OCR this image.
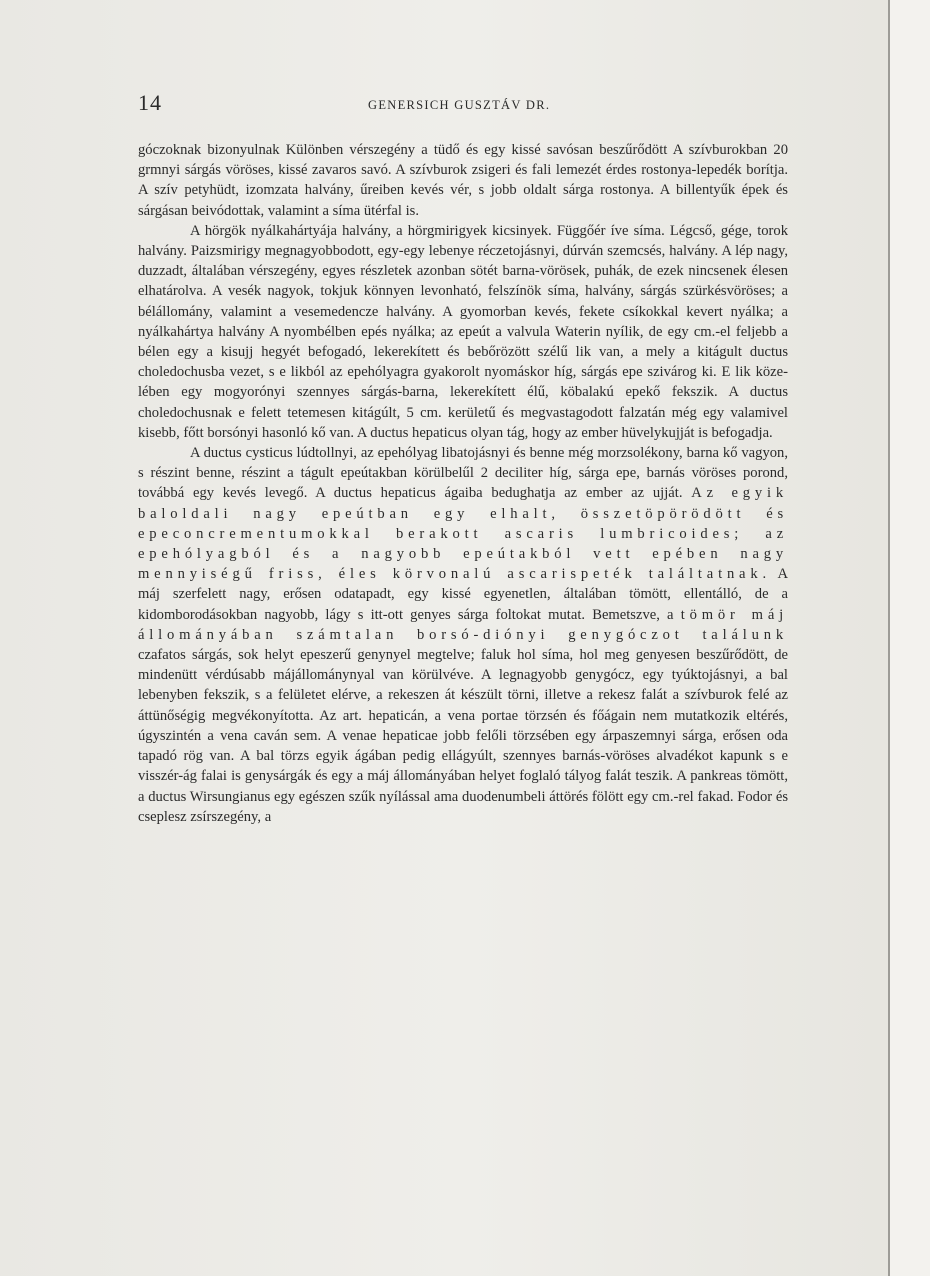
14	GENERSICH GUSZTÁV DR.

góczoknak bizonyulnak Különben vérszegény a tüdő és egy kissé savósan beszűrődött A szívburokban 20 grmnyi sárgás vöröses, kissé zavaros savó. A szívburok zsigeri és fali lemezét érdes rostonya-lepedék borítja. A szív petyhüdt, izomzata halvány, űreiben kevés vér, s jobb oldalt sárga rostonya. A billentyűk épek és sárgásan beivódottak, valamint a síma ütérfal is.

A hörgök nyálkahártyája halvány, a hörgmirigyek kicsinyek. Függőér íve síma. Légcső, gége, torok halvány. Paizsmirigy megnagyobbodott, egy-egy lebenye réczetojásnyi, dúrván szemcsés, halvány. A lép nagy, duzzadt, általában vérszegény, egyes részletek azonban sötét barna-vörösek, puhák, de ezek nincsenek élesen elhatárolva. A vesék nagyok, tokjuk könnyen levonható, felszínök síma, halvány, sárgás szürkésvöröses; a bélállomány, valamint a vesemedencze halvány. A gyomorban kevés, fekete csíkokkal kevert nyálka; a nyálkahártya halvány A nyombélben epés nyálka; az epeút a valvula Waterin nyílik, de egy cm.-el feljebb a bélen egy a kisujj hegyét befogadó, lekerekített és bebőrözött szélű lik van, a mely a kitágult ductus choledochusba vezet, s e likból az epehólyagra gyakorolt nyomáskor híg, sárgás epe szivárog ki. E lik közelében egy mogyorónyi szennyes sárgás-barna, lekerekített élű, köbalakú epekő fekszik. A ductus choledochusnak e felett tetemesen kitágúlt, 5 cm. kerületű és megvastagodott falzatán még egy valamivel kisebb, főtt borsónyi hasonló kő van. A ductus hepaticus olyan tág, hogy az ember hüvelykujját is befogadja.

A ductus cysticus lúdtollnyi, az epehólyag libatojásnyi és benne még morzsolékony, barna kő vagyon, s részint benne, részint a tágult epeútakban körülbelűl 2 deciliter híg, sárga epe, barnás vöröses porond, továbbá egy kevés levegő. A ductus hepaticus ágaiba bedughatja az ember az ujját. Az egyik baloldali nagy epeútban egy elhalt, összetöpörödött és epeconcrementumokkal berakott ascaris lumbricoides; az epehólyagból és a nagyobb epeútakból vett epében nagy mennyiségű friss, éles körvonalú ascarispeték találtatnak. A máj szerfelett nagy, erősen odatapadt, egy kissé egyenetlen, általában tömött, ellentálló, de a kidomborodásokban nagyobb, lágy s itt-ott genyes sárga foltokat mutat. Bemetszve, a tömör máj állományában számtalan borsó-diónyi genygóczot találunk czafatos sárgás, sok helyt epeszerű genynyel megtelve; faluk hol síma, hol meg genyesen beszűrődött, de mindenütt vérdúsabb májállománynyal van körülvéve. A legnagyobb genygócz, egy tyúktojásnyi, a bal lebenyben fekszik, s a felületet elérve, a rekeszen át készült törni, illetve a rekesz falát a szívburok felé az áttünőségig megvékonyította. Az art. hepaticán, a vena portae törzsén és főágain nem mutatkozik eltérés, úgyszintén a vena caván sem. A venae hepaticae jobb felőli törzsében egy árpaszemnyi sárga, erősen oda tapadó rög van. A bal törzs egyik ágában pedig ellágyúlt, szennyes barnás-vöröses alvadékot kapunk s e visszér-ág falai is genysárgák és egy a máj állományában helyet foglaló tályog falát teszik. A pankreas tömött, a ductus Wirsungianus egy egészen szűk nyílással ama duodenumbeli áttörés fölött egy cm.-rel fakad. Fodor és cseplesz zsírszegény, a
